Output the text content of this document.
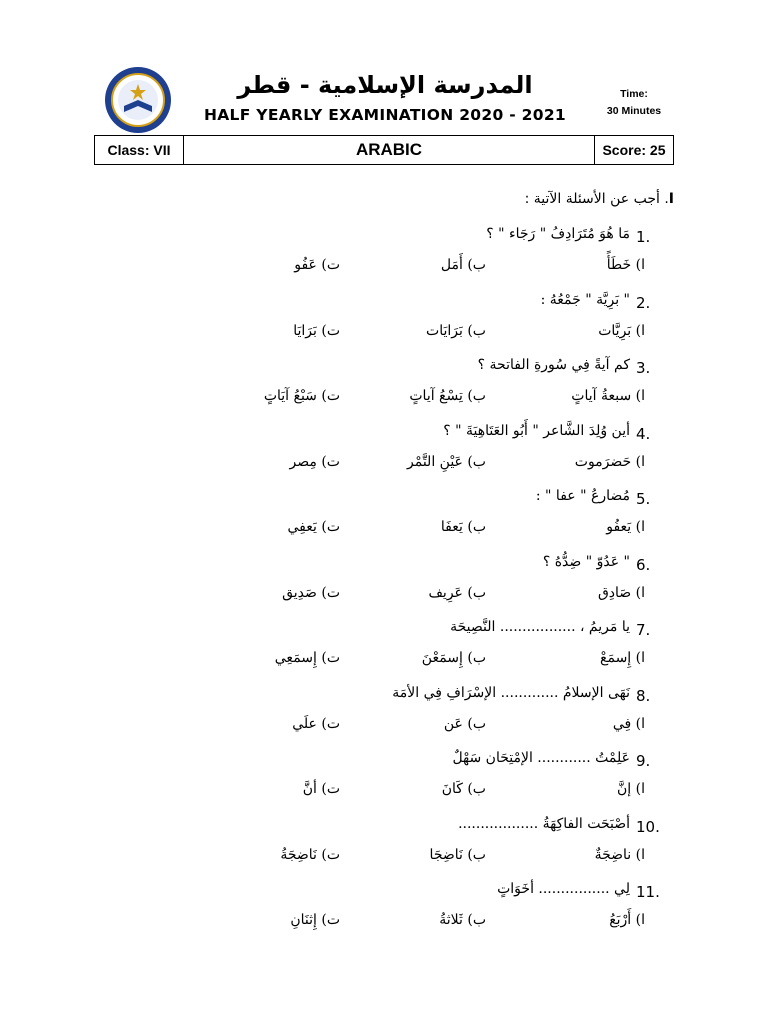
المدرسة الإسلامية - قطر
HALF YEARLY EXAMINATION 2020 - 2021
Time:
30 Minutes
Class: VII	ARABIC	Score: 25
I. أجب عن الأسئلة الآتية :
1.
مَا هُوَ مُتَرَادِفُ " رَجَاء " ؟
ا) خَطَأً
ب) أَمَل
ت) عَفُو
2.
" بَرِيَّة " جَمْعُهُ :
ا) بَرِيَّات
ب) بَرَايَات
ت) بَرَايَا
3.
كم آيةً فِي سُورةِ الفاتحة ؟
ا) سبعةُ آياتٍ
ب) تِسْعُ آياتٍ
ت) سَبْعُ آيَاتٍ
4.
أين وُلِدَ الشَّاعر " أَبُو العَتَاهِيَةَ " ؟
ا) حَضرَموت
ب) عَيْنِ التَّمْر
ت) مِصر
5.
مُضارعُ " عفا " :
ا) يَعفُو
ب) يَعفَا
ت) يَعفِي
6.
" عَدُوّ " ضِدُّهُ ؟
ا) صَادِق
ب) عَرِيف
ت) صَدِيق
7.
يا مَريمُ ، ................. النَّصِيحَة
ا) إِسمَعْ
ب) إِسمَعْنَ
ت) إِسمَعِي
8.
نَهَى الإسلامُ ............. الإسْرَافِ فِي الأمَة
ا) فِي
ب) عَن
ت) علَي
9.
عَلِمْتُ ............ الإمْتِحَان سَهْلٌ
ا) إنَّ
ب) كَانَ
ت) أنَّ
10.
أصْبَحَت الفاكِهَةُ ..................
ا) ناضِجَةٌ
ب) نَاضِجَا
ت) نَاضِجَةُ
11.
لِي ................ أخَوَاتٍ
ا) أَرْبَعُ
ب) ثَلاثةُ
ت) إِثنَانِ
